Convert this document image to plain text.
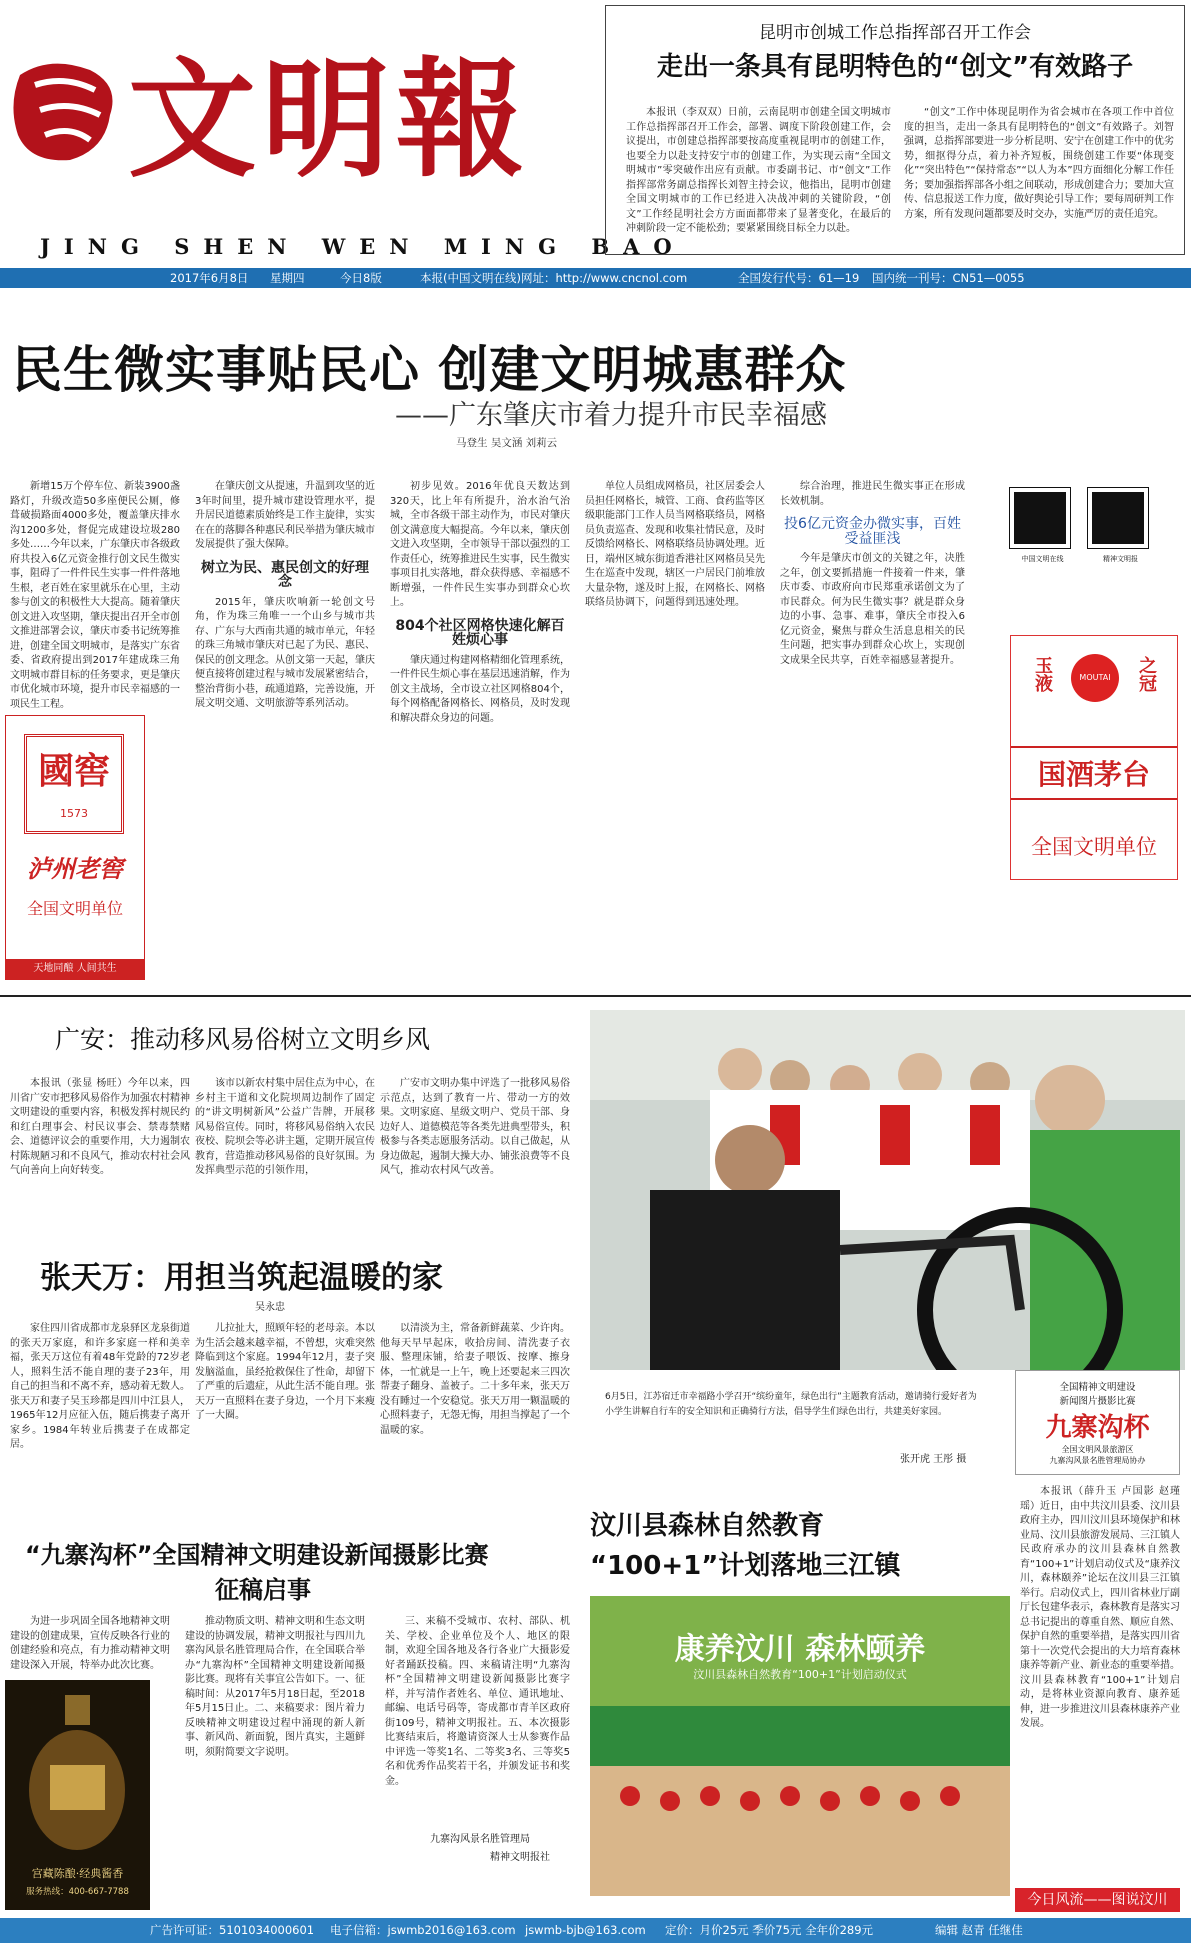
文明報
JING SHEN WEN MING BAO
昆明市创城工作总指挥部召开工作会
走出一条具有昆明特色的“创文”有效路子

本报讯（李双双）日前，云南昆明市创建全国文明城市工作总指挥部召开工作会，部署、调度下阶段创建工作，会议提出，市创建总指挥部要按高度重视昆明市的创建工作，也要全力以赴支持安宁市的创建工作，为实现云南“全国文明城市”零突破作出应有贡献。市委副书记、市“创文”工作指挥部常务副总指挥长刘智主持会议，他指出，昆明市创建全国文明城市的工作已经进入决战冲刺的关键阶段，“创文”工作经昆明社会方方面面都带来了显著变化，在最后的冲刺阶段一定不能松劲；要紧紧围绕目标全力以赴。

“创文”工作中体现昆明作为省会城市在各项工作中首位度的担当，走出一条具有昆明特色的“创文”有效路子。刘智强调，总指挥部要进一步分析昆明、安宁在创建工作中的优劣势，细抠得分点，着力补齐短板，围绕创建工作要“体现变化”“突出特色”“保持常态”“以人为本”四方面细化分解工作任务；要加强指挥部各小组之间联动，形成创建合力；要加大宣传、信息报送工作力度，做好舆论引导工作；要每周研判工作方案，所有发现问题都要及时交办，实施严厉的责任追究。

2017年6月8日 星期四	今日8版	本报(中国文明在线)网址：http://www.cncnol.com	全国发行代号：61—19 国内统一刊号：CN51—0055
民生微实事贴民心 创建文明城惠群众
——广东肇庆市着力提升市民幸福感
马登生 吴文涵 刘莉云

新增15万个停车位、新装3900盏路灯，升级改造50多座便民公厕，修葺破损路面4000多处，覆盖肇庆排水沟1200多处，督促完成建设垃圾280多处……今年以来，广东肇庆市各级政府共投入6亿元资金推行创文民生微实事，阻碍了一件件民生实事一件件落地生根，老百姓在家里就乐在心里，主动参与创文的积极性大大提高。随着肇庆创文进入攻坚期，肇庆提出召开全市创文推进部署会议，肇庆市委书记统筹推进，创建全国文明城市，是落实广东省委、省政府提出到2017年建成珠三角文明城市群目标的任务要求，更是肇庆市优化城市环境，提升市民幸福感的一项民生工程。

在肇庆创文从提速，升温到攻坚的近3年时间里，提升城市建设管理水平，提升居民道德素质始终是工作主旋律，实实在在的落脚各种惠民利民举措为肇庆城市发展提供了强大保障。

树立为民、惠民创文的好理念

2015年，肇庆吹响新一轮创文号角，作为珠三角唯一一个山乡与城市共存、广东与大西南共通的城市单元，年轻的珠三角城市肇庆对已起了为民、惠民、保民的创文理念。从创文第一天起，肇庆便直接将创建过程与城市发展紧密结合，整治背街小巷，疏通道路，完善设施，开展文明交通、文明旅游等系列活动。

初步见效。2016年优良天数达到320天，比上年有所提升，治水治气治城，全市各级干部主动作为，市民对肇庆创文满意度大幅提高。今年以来，肇庆创文进入攻坚期，全市领导干部以强烈的工作责任心，统筹推进民生实事，民生微实事项目扎实落地，群众获得感、幸福感不断增强，一件件民生实事办到群众心坎上。

804个社区网格快速化解百姓烦心事

肇庆通过构建网格精细化管理系统，一件件民生烦心事在基层迅速消解，作为创文主战场，全市设立社区网格804个，每个网格配备网格长、网格员，及时发现和解决群众身边的问题。

单位人员组成网格员，社区居委会人员担任网格长，城管、工商、食药监等区级职能部门工作人员当网格联络员，网格员负责巡查、发现和收集社情民意，及时反馈给网格长、网格联络员协调处理。近日，端州区城东街道香港社区网格员吴先生在巡查中发现，辖区一户居民门前堆放大量杂物，遂及时上报，在网格长、网格联络员协调下，问题得到迅速处理。

综合治理，推进民生微实事正在形成长效机制。

投6亿元资金办微实事，百姓受益匪浅

今年是肇庆市创文的关键之年，决胜之年，创文要抓措施一件接着一件来，肇庆市委、市政府向市民郑重承诺创文为了市民群众。何为民生微实事？就是群众身边的小事、急事、难事，肇庆全市投入6亿元资金，聚焦与群众生活息息相关的民生问题，把实事办到群众心坎上，实现创文成果全民共享，百姓幸福感显著提升。

中国文明在线	精神文明报
玉液	MOUTAI	之冠
国酒茅台
全国文明单位
國窖
1573
泸州老窖
全国文明单位
天地同酿 人间共生
广安：推动移风易俗树立文明乡风

本报讯（张显 杨旺）今年以来，四川省广安市把移风易俗作为加强农村精神文明建设的重要内容，积极发挥村规民约和红白理事会、村民议事会、禁毒禁赌会、道德评议会的重要作用，大力遏制农村陈规陋习和不良风气，推动农村社会风气向善向上向好转变。

该市以新农村集中居住点为中心，在乡村主干道和文化院坝周边制作了固定的“讲文明树新风”公益广告牌，开展移风易俗宣传。同时，将移风易俗纳入农民夜校、院坝会等必讲主题，定期开展宣传教育，营造推动移风易俗的良好氛围。为发挥典型示范的引领作用，

广安市文明办集中评选了一批移风易俗示范点，达到了教育一片、带动一方的效果。文明家庭、星级文明户、党员干部、身边好人、道德模范等各类先进典型带头，积极参与各类志愿服务活动。以自己做起，从身边做起，遏制大操大办、铺张浪费等不良风气，推动农村风气改善。

张天万：用担当筑起温暖的家
吴永忠

家住四川省成都市龙泉驿区龙泉街道的张天万家庭，和许多家庭一样和美幸福，张天万这位有着48年党龄的72岁老人，照料生活不能自理的妻子23年，用自己的担当和不离不弃，感动着无数人。张天万和妻子吴玉珍都是四川中江县人，1965年12月应征入伍，随后携妻子离开家乡。1984年转业后携妻子在成都定居。

儿拉扯大，照顾年轻的老母亲。本以为生活会越来越幸福，不曾想，灾难突然降临到这个家庭。1994年12月，妻子突发脑溢血，虽经抢救保住了性命，却留下了严重的后遗症，从此生活不能自理。张天万一直照料在妻子身边，一个月下来瘦了一大圈。

以清淡为主，常备新鲜蔬菜、少许肉。他每天早早起床，收拾房间、清洗妻子衣服、整理床铺，给妻子喂饭、按摩、擦身体，一忙就是一上午，晚上还要起来三四次帮妻子翻身、盖被子。二十多年来，张天万没有睡过一个安稳觉。张天万用一颗温暖的心照料妻子，无怨无悔，用担当撑起了一个温暖的家。

6月5日，江苏宿迁市幸福路小学召开“缤纷童年，绿色出行”主题教育活动，邀请骑行爱好者为小学生讲解自行车的安全知识和正确骑行方法，倡导学生们绿色出行，共建美好家园。
张开虎 王彤 摄
全国精神文明建设
新闻图片摄影比赛
九寨沟杯
全国文明风景旅游区
九寨沟风景名胜管理局协办
“九寨沟杯”全国精神文明建设新闻摄影比赛
征稿启事

为进一步巩固全国各地精神文明建设的创建成果，宣传反映各行业的创建经验和亮点，有力推动精神文明建设深入开展，特举办此次比赛。

推动物质文明、精神文明和生态文明建设的协调发展，精神文明报社与四川九寨沟风景名胜管理局合作，在全国联合举办“九寨沟杯”全国精神文明建设新闻摄影比赛。现将有关事宜公告如下。一、征稿时间：从2017年5月18日起，至2018年5月15日止。二、来稿要求：图片着力反映精神文明建设过程中涌现的新人新事、新风尚、新面貌，图片真实，主题鲜明，须附简要文字说明。

三、来稿不受城市、农村、部队、机关、学校、企业单位及个人、地区的限制，欢迎全国各地及各行各业广大摄影爱好者踊跃投稿。四、来稿请注明“九寨沟杯”全国精神文明建设新闻摄影比赛字样，并写清作者姓名、单位、通讯地址、邮编、电话号码等，寄成都市青羊区政府街109号，精神文明报社。五、本次摄影比赛结束后，将邀请资深人士从参赛作品中评选一等奖1名、二等奖3名、三等奖5名和优秀作品奖若干名，并颁发证书和奖金。

九寨沟风景名胜管理局
精神文明报社
宫藏陈酿·经典酱香
服务热线：400-667-7788
汶川县森林自然教育
“100+1”计划落地三江镇
康养汶川 森林颐养
汶川县森林自然教育“100+1”计划启动仪式

本报讯（薛升玉 卢国影 赵瑾瑶）近日，由中共汶川县委、汶川县政府主办，四川汶川县环境保护和林业局、汶川县旅游发展局、三江镇人民政府承办的汶川县森林自然教育“100+1”计划启动仪式及“康养汶川，森林颐养”论坛在汶川县三江镇举行。启动仪式上，四川省林业厅副厅长包建华表示，森林教育是落实习总书记提出的尊重自然、顺应自然、保护自然的重要举措，是落实四川省第十一次党代会提出的大力培育森林康养等新产业、新业态的重要举措。汶川县森林教育“100+1”计划启动，是将林业资源向教育、康养延伸，进一步推进汶川县森林康养产业发展。

今日风流——图说汶川
广告许可证：5101034000601 电子信箱：jswmb2016@163.com jswmb-bjb@163.com 定价：月价25元 季价75元 全年价289元	编辑 赵青 任继佳
